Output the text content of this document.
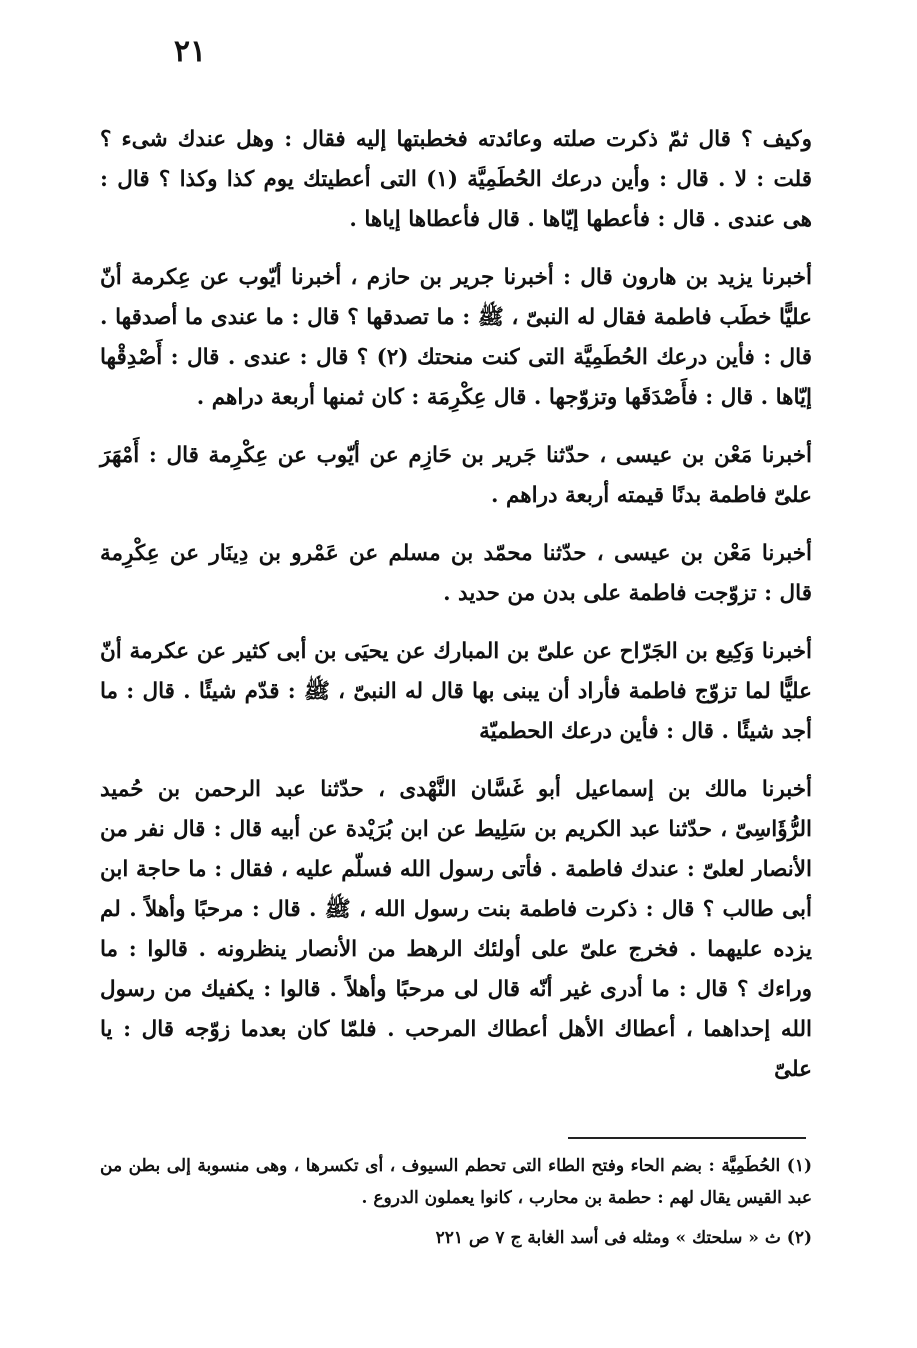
٢١

وكيف ؟ قال ثمّ ذكرت صلته وعائدته فخطبتها إليه فقال : وهل عندك شىء ؟ قلت : لا . قال : وأين درعك الحُطَمِيَّة (١) التى أعطيتك يوم كذا وكذا ؟ قال : هى عندى . قال : فأعطها إيّاها . قال فأعطاها إياها .

أخبرنا يزيد بن هارون قال : أخبرنا جرير بن حازم ، أخبرنا أيّوب عن عِكرمة أنّ عليًّا خطَب فاطمة فقال له النبىّ ، ﷺ : ما تصدقها ؟ قال : ما عندى ما أصدقها . قال : فأين درعك الحُطَمِيَّة التى كنت منحتك (٢) ؟ قال : عندى . قال : أَصْدِقْها إيّاها . قال : فأَصْدَقَها وتزوّجها . قال عِكْرِمَة : كان ثمنها أربعة دراهم .

أخبرنا مَعْن بن عيسى ، حدّثنا جَرير بن حَازِم عن أيّوب عن عِكْرِمة قال : أَمْهَرَ علىّ فاطمة بدنًا قيمته أربعة دراهم .

أخبرنا مَعْن بن عيسى ، حدّثنا محمّد بن مسلم عن عَمْرو بن دِينَار عن عِكْرِمة قال : تزوّجت فاطمة على بدن من حديد .

أخبرنا وَكِيع بن الجَرّاح عن علىّ بن المبارك عن يحيَى بن أبى كثير عن عكرمة أنّ عليًّا لما تزوّج فاطمة فأراد أن يبنى بها قال له النبىّ ، ﷺ : قدّم شيئًا . قال : ما أجد شيئًا . قال : فأين درعك الحطميّة

أخبرنا مالك بن إسماعيل أبو غَسَّان النَّهْدى ، حدّثنا عبد الرحمن بن حُميد الرُّؤَاسِىّ ، حدّثنا عبد الكريم بن سَلِيط عن ابن بُرَيْدة عن أبيه قال : قال نفر من الأنصار لعلىّ : عندك فاطمة . فأتى رسول الله فسلّم عليه ، فقال : ما حاجة ابن أبى طالب ؟ قال : ذكرت فاطمة بنت رسول الله ، ﷺ . قال : مرحبًا وأهلاً . لم يزده عليهما . فخرج علىّ على أولئك الرهط من الأنصار ينظرونه . قالوا : ما وراءك ؟ قال : ما أدرى غير أنّه قال لى مرحبًا وأهلاً . قالوا : يكفيك من رسول الله إحداهما ، أعطاك الأهل أعطاك المرحب . فلمّا كان بعدما زوّجه قال : يا علىّ

(١) الحُطَمِيَّة : بضم الحاء وفتح الطاء التى تحطم السيوف ، أى تكسرها ، وهى منسوبة إلى بطن من عبد القيس يقال لهم : حطمة بن محارب ، كانوا يعملون الدروع .

(٢) ث « سلحتك » ومثله فى أسد الغابة ج ٧ ص ٢٢١
